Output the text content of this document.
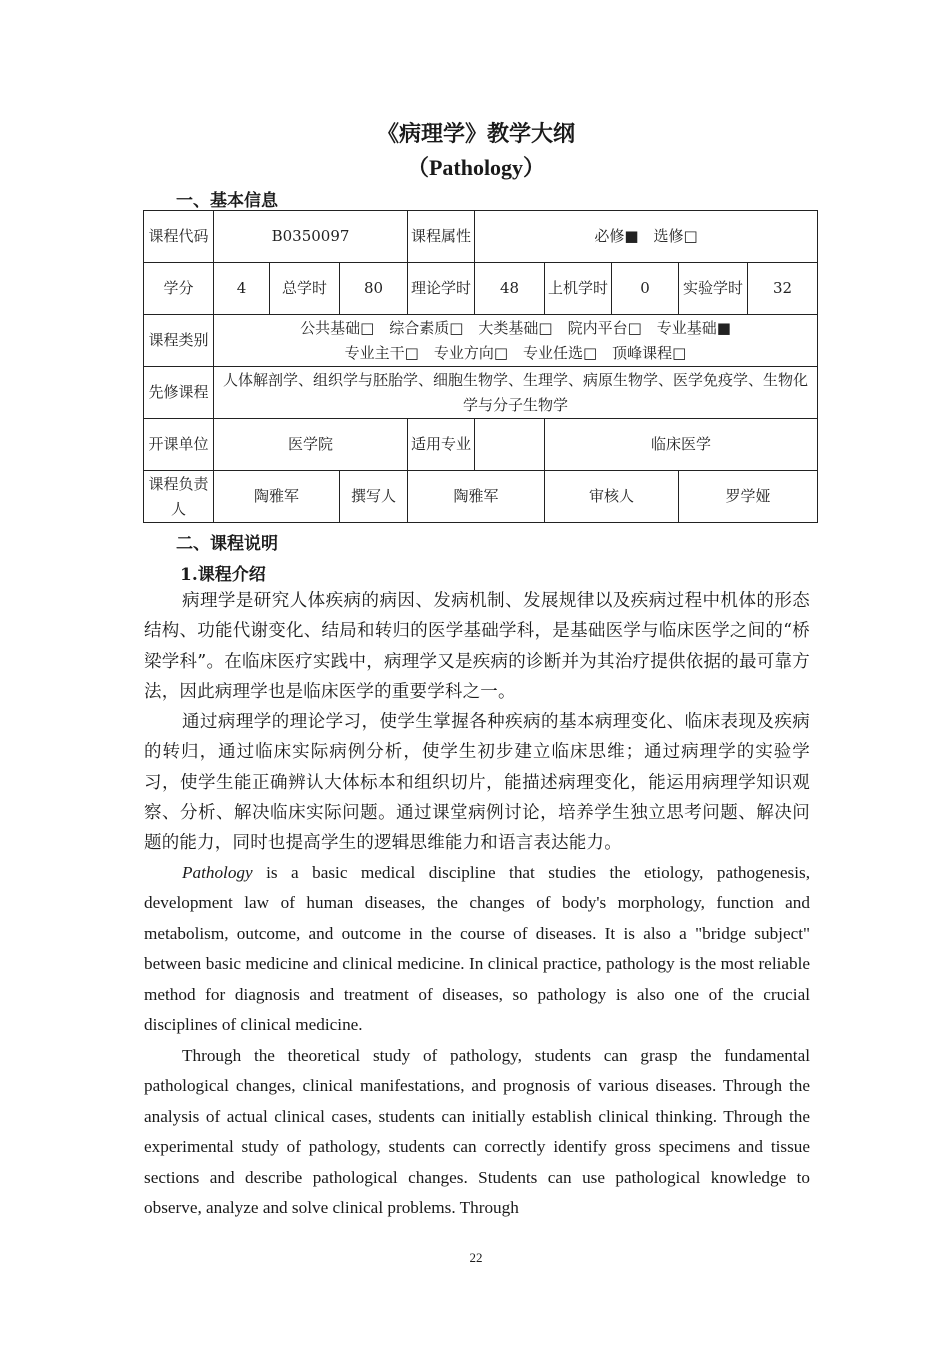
《病理学》教学大纲
（Pathology）
一、基本信息
课程代码	B0350097			课程属性	必修■　选修□				
学分	4	总学时	80	理论学时	48	上机学时	0	实验学时	32
课程类别	公共基础□　综合素质□　大类基础□　院内平台□　专业基础■
专业主干□　专业方向□　专业任选□　顶峰课程□								

先修课程	人体解剖学、组织学与胚胎学、细胞生物学、生理学、病原生物学、医学免疫学、生物化学与分子生物学								
开课单位	医学院			适用专业		临床医学			
课程负责人	陶雅军		撰写人	陶雅军		审核人		罗学娅	
二、课程说明
1.课程介绍

病理学是研究人体疾病的病因、发病机制、发展规律以及疾病过程中机体的形态结构、功能代谢变化、结局和转归的医学基础学科，是基础医学与临床医学之间的“桥梁学科”。在临床医疗实践中，病理学又是疾病的诊断并为其治疗提供依据的最可靠方法，因此病理学也是临床医学的重要学科之一。

通过病理学的理论学习，使学生掌握各种疾病的基本病理变化、临床表现及疾病的转归，通过临床实际病例分析，使学生初步建立临床思维；通过病理学的实验学习，使学生能正确辨认大体标本和组织切片，能描述病理变化，能运用病理学知识观察、分析、解决临床实际问题。通过课堂病例讨论，培养学生独立思考问题、解决问题的能力，同时也提高学生的逻辑思维能力和语言表达能力。

Pathology is a basic medical discipline that studies the etiology, pathogenesis, development law of human diseases, the changes of body's morphology, function and metabolism, outcome, and outcome in the course of diseases. It is also a "bridge subject" between basic medicine and clinical medicine. In clinical practice, pathology is the most reliable method for diagnosis and treatment of diseases, so pathology is also one of the crucial disciplines of clinical medicine.

Through the theoretical study of pathology, students can grasp the fundamental pathological changes, clinical manifestations, and prognosis of various diseases. Through the analysis of actual clinical cases, students can initially establish clinical thinking. Through the experimental study of pathology, students can correctly identify gross specimens and tissue sections and describe pathological changes. Students can use pathological knowledge to observe, analyze and solve clinical problems. Through

22
